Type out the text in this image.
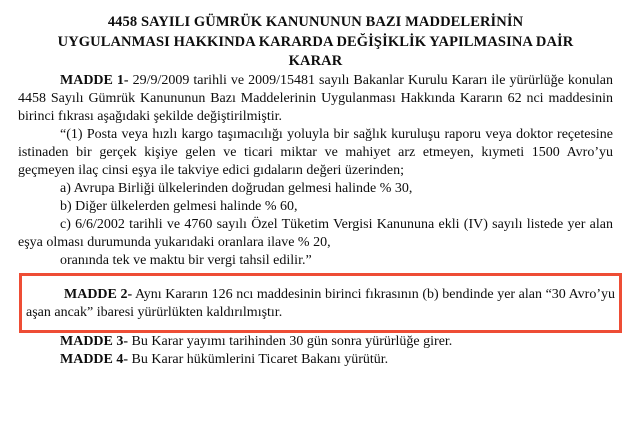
4458 SAYILI GÜMRÜK KANUNUNUN BAZI MADDELERİNİN
UYGULANMASI HAKKINDA KARARDA DEĞİŞİKLİK YAPILMASINA DAİR
KARAR

MADDE 1- 29/9/2009 tarihli ve 2009/15481 sayılı Bakanlar Kurulu Kararı ile yürürlüğe konulan 4458 Sayılı Gümrük Kanununun Bazı Maddelerinin Uygulanması Hakkında Kararın 62 nci maddesinin birinci fıkrası aşağıdaki şekilde değiştirilmiştir.

“(1) Posta veya hızlı kargo taşımacılığı yoluyla bir sağlık kuruluşu raporu veya doktor reçetesine istinaden bir gerçek kişiye gelen ve ticari miktar ve mahiyet arz etmeyen, kıymeti 1500 Avro’yu geçmeyen ilaç cinsi eşya ile takviye edici gıdaların değeri üzerinden;

a) Avrupa Birliği ülkelerinden doğrudan gelmesi halinde % 30,

b) Diğer ülkelerden gelmesi halinde % 60,

c) 6/6/2002 tarihli ve 4760 sayılı Özel Tüketim Vergisi Kanununa ekli (IV) sayılı listede yer alan eşya olması durumunda yukarıdaki oranlara ilave % 20,

oranında tek ve maktu bir vergi tahsil edilir.”

MADDE 2- Aynı Kararın 126 ncı maddesinin birinci fıkrasının (b) bendinde yer alan “30 Avro’yu aşan ancak” ibaresi yürürlükten kaldırılmıştır.

MADDE 3- Bu Karar yayımı tarihinden 30 gün sonra yürürlüğe girer.

MADDE 4- Bu Karar hükümlerini Ticaret Bakanı yürütür.
